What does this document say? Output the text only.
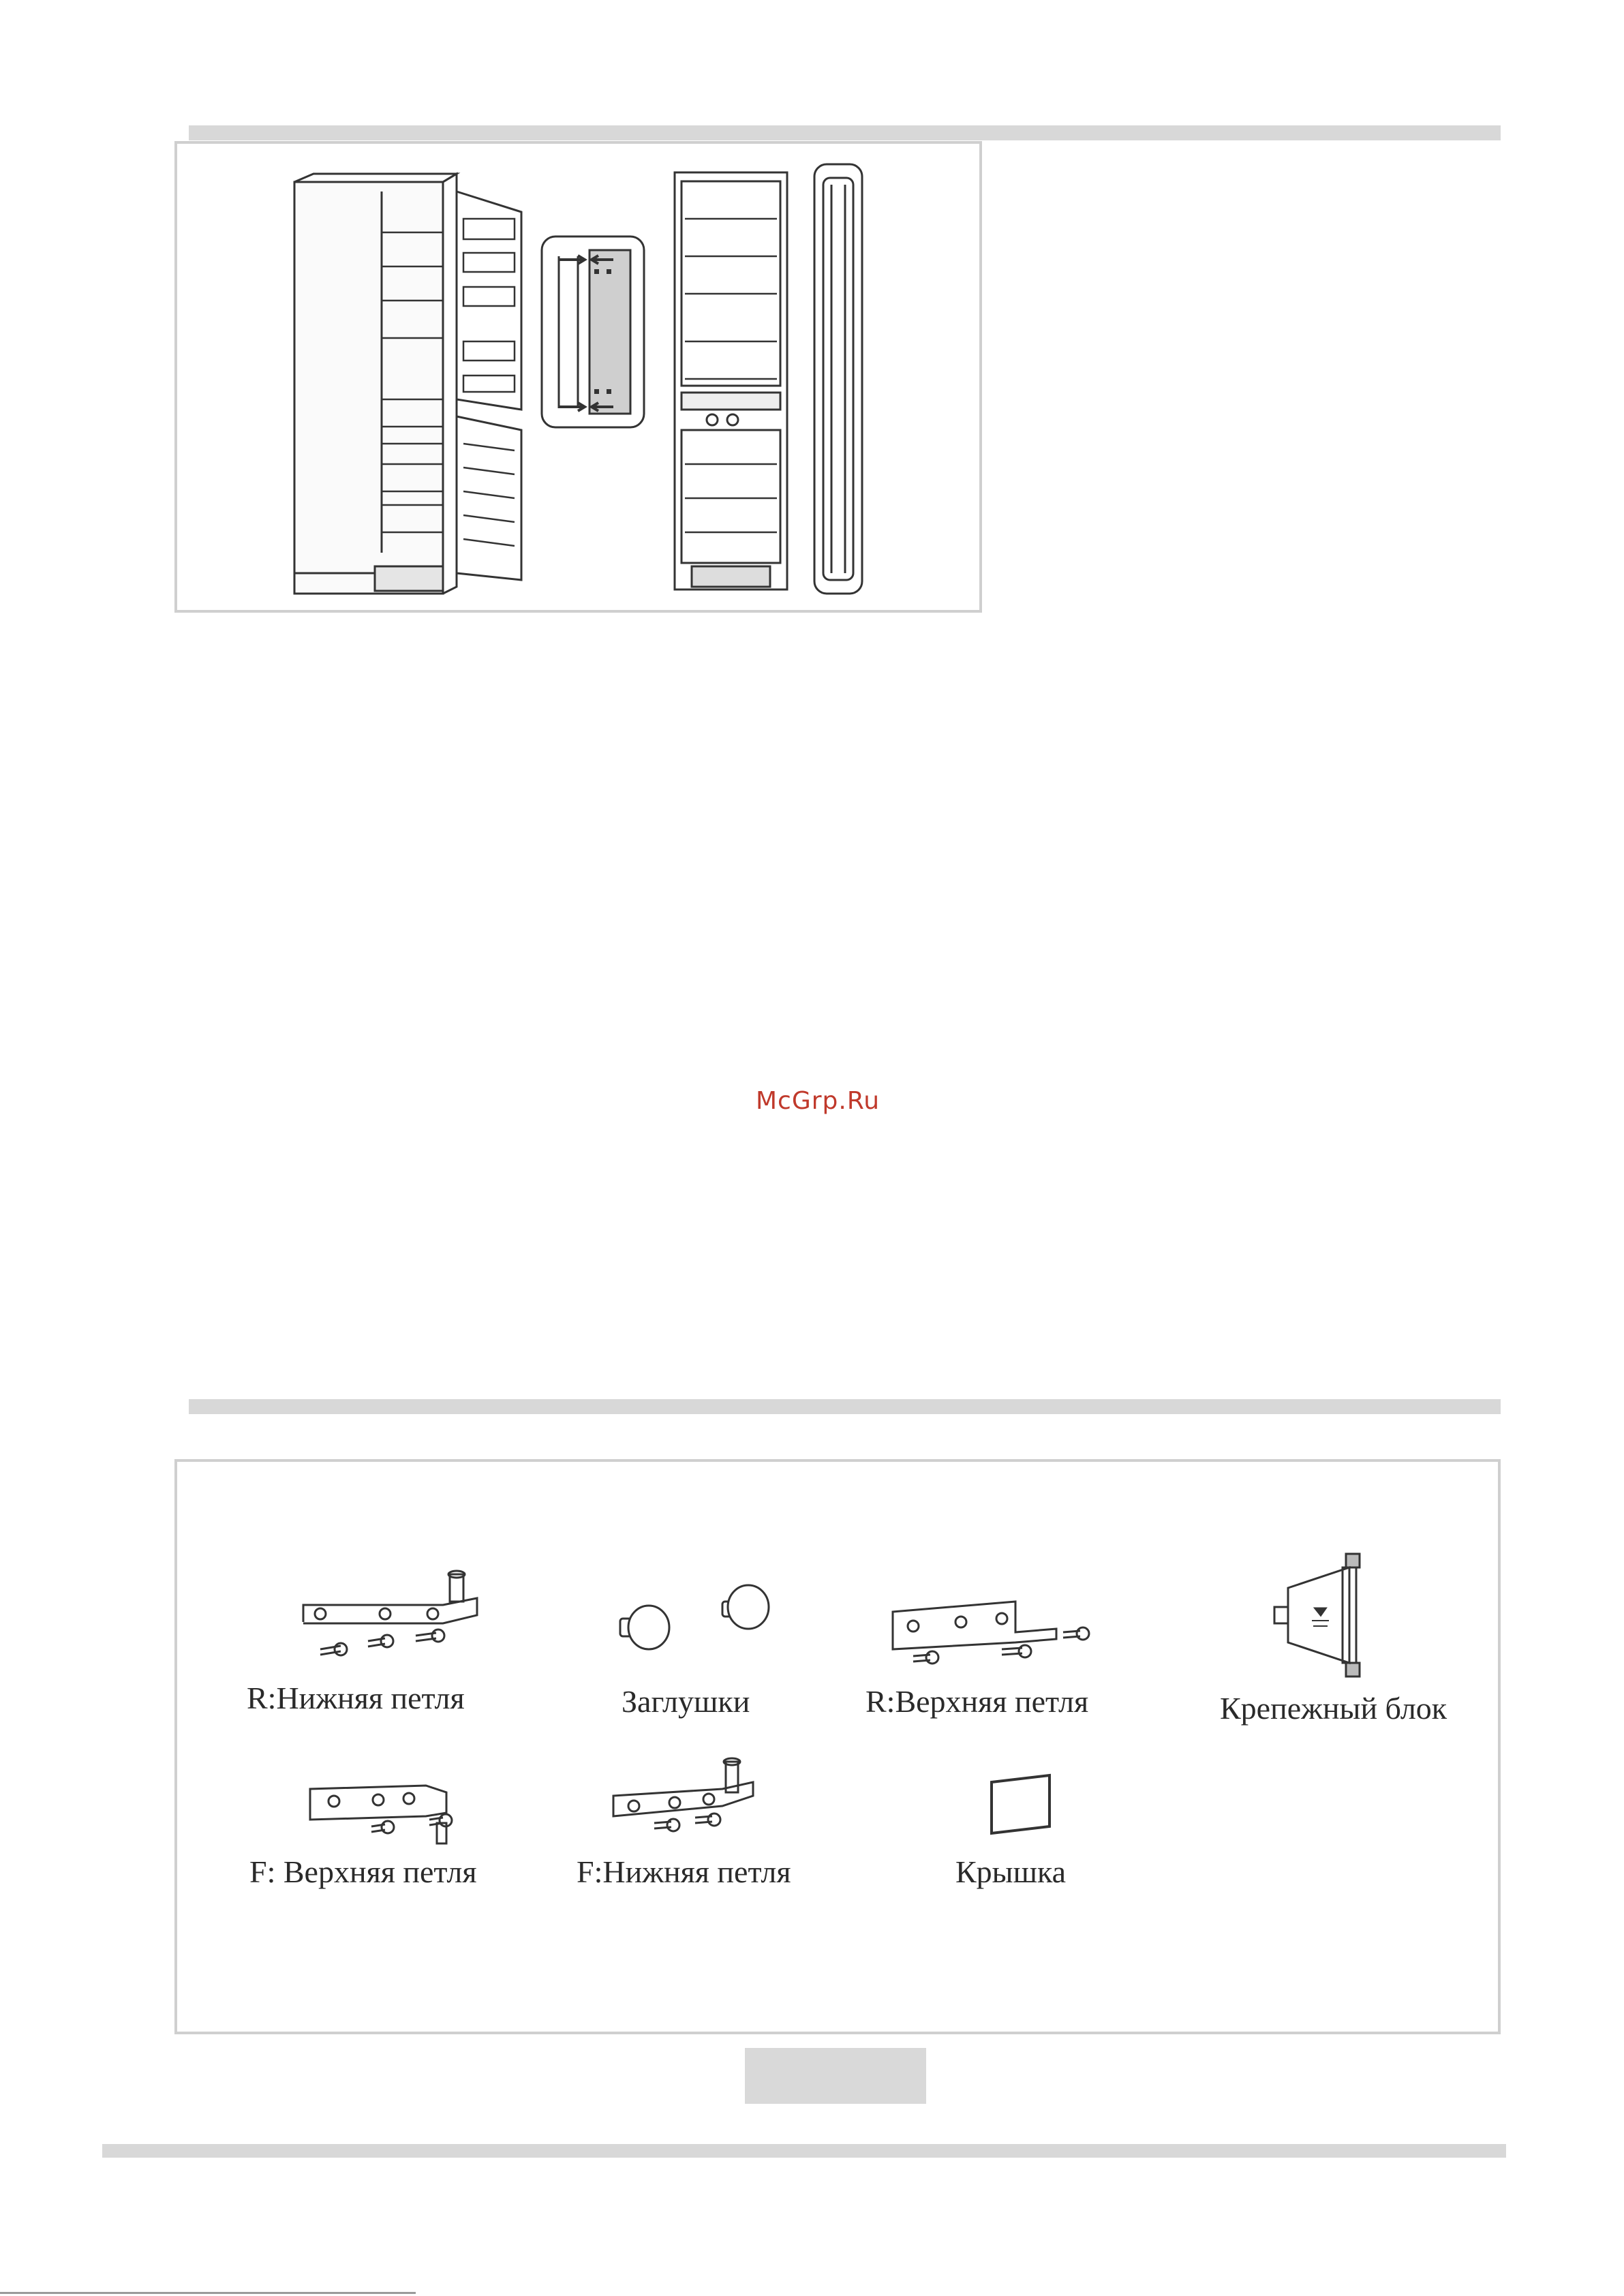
McGrp.Ru
R:Нижняя петля	Заглушки	R:Верхняя петля	Крепежный блок
F: Верхняя петля	F:Нижняя петля	Крышка
